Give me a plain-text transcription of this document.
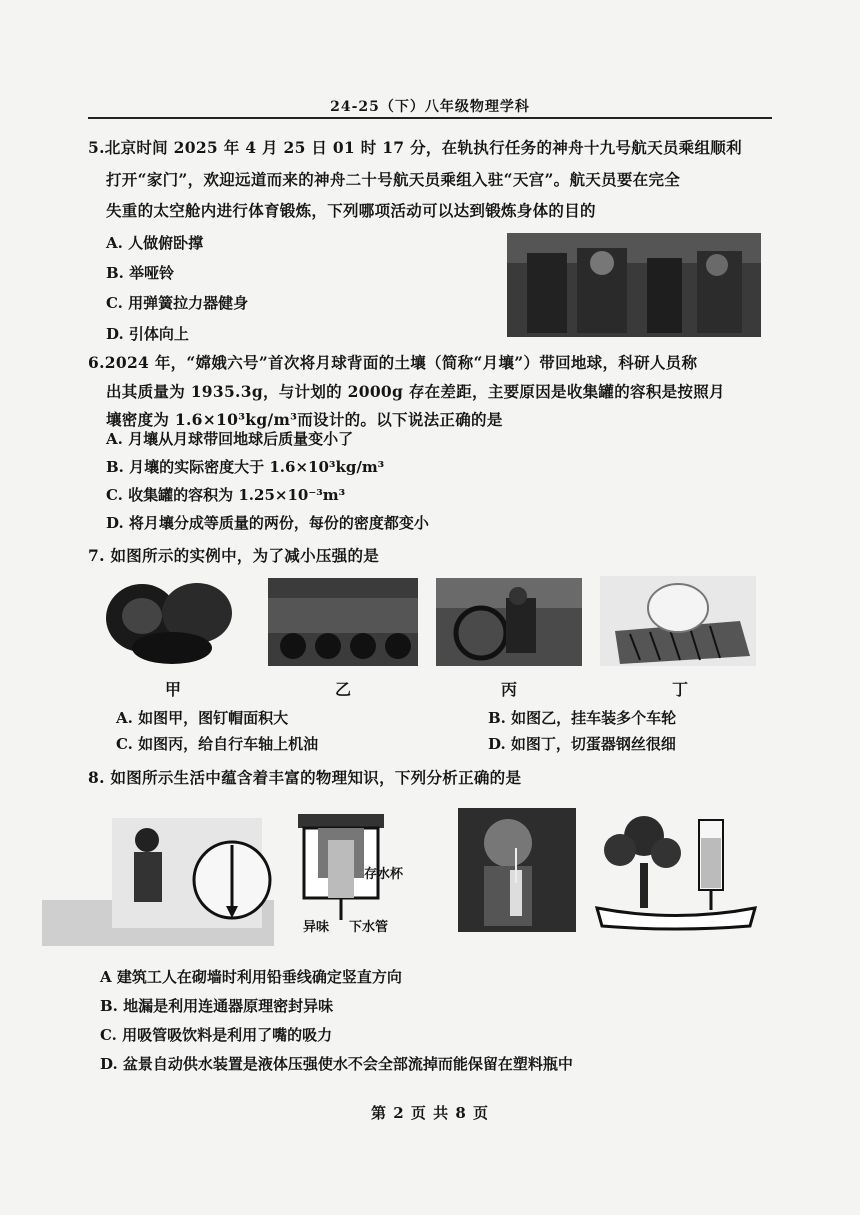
24-25（下）八年级物理学科
5.北京时间 2025 年 4 月 25 日 01 时 17 分，在轨执行任务的神舟十九号航天员乘组顺利
打开“家门”，欢迎远道而来的神舟二十号航天员乘组入驻“天宫”。航天员要在完全
失重的太空舱内进行体育锻炼，下列哪项活动可以达到锻炼身体的目的
A. 人做俯卧撑
B. 举哑铃
C. 用弹簧拉力器健身
D. 引体向上
6.2024 年，“嫦娥六号”首次将月球背面的土壤（简称“月壤”）带回地球，科研人员称
出其质量为 1935.3g，与计划的 2000g 存在差距，主要原因是收集罐的容积是按照月
壤密度为 1.6×10³kg/m³而设计的。以下说法正确的是
A. 月壤从月球带回地球后质量变小了
B. 月壤的实际密度大于 1.6×10³kg/m³
C. 收集罐的容积为 1.25×10⁻³m³
D. 将月壤分成等质量的两份，每份的密度都变小
7. 如图所示的实例中，为了减小压强的是
甲	乙	丙	丁
A. 如图甲，图钉帽面积大	B. 如图乙，挂车装多个车轮
C. 如图丙，给自行车轴上机油	D. 如图丁，切蛋器钢丝很细
8. 如图所示生活中蕴含着丰富的物理知识，下列分析正确的是
存水杯
异味 下水管
A 建筑工人在砌墙时利用铅垂线确定竖直方向
B. 地漏是利用连通器原理密封异味
C. 用吸管吸饮料是利用了嘴的吸力
D. 盆景自动供水装置是液体压强使水不会全部流掉而能保留在塑料瓶中
第 2 页 共 8 页
